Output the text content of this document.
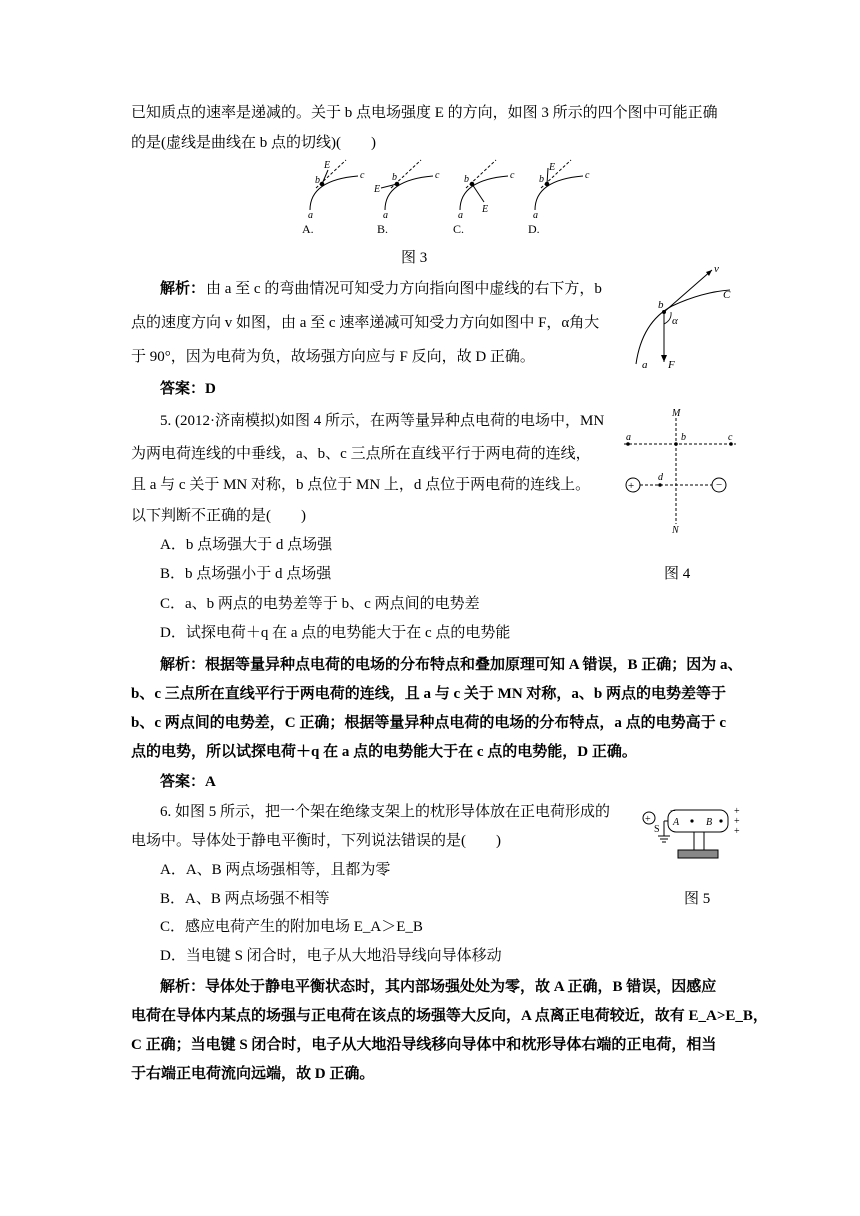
已知质点的速率是递减的。关于 b 点电场强度 E 的方向，如图 3 所示的四个图中可能正确
的是(虚线是曲线在 b 点的切线)(　　)
a
b	c
E
a
b	c
E
a
b	c
E
a
b	c
E
A.	B.	C.	D.
图 3
解析： 由 a 至 c 的弯曲情况可知受力方向指向图中虚线的右下方，b
点的速度方向 v 如图，由 a 至 c 速率递减可知受力方向如图中 F，α角大
于 90°，因为电荷为负，故场强方向应与 F 反向，故 D 正确。
答案：D
b
v
C
α
a F
5. (2012·济南模拟)如图 4 所示，在两等量异种点电荷的电场中，MN
为两电荷连线的中垂线，a、b、c 三点所在直线平行于两电荷的连线，
且 a 与 c 关于 MN 对称，b 点位于 MN 上，d 点位于两电荷的连线上。
以下判断不正确的是(　　)
A．b 点场强大于 d 点场强
B．b 点场强小于 d 点场强
C．a、b 两点的电势差等于 b、c 两点间的电势差
D．试探电荷＋q 在 a 点的电势能大于在 c 点的电势能
+	−
M
N
a	b	c
d
图 4
解析：根据等量异种点电荷的电场的分布特点和叠加原理可知 A 错误，B 正确；因为 a、
b、c 三点所在直线平行于两电荷的连线，且 a 与 c 关于 MN 对称，a、b 两点的电势差等于
b、c 两点间的电势差，C 正确；根据等量异种点电荷的电场的分布特点，a 点的电势高于 c
点的电势，所以试探电荷＋q 在 a 点的电势能大于在 c 点的电势能，D 正确。
答案：A
6. 如图 5 所示，把一个架在绝缘支架上的枕形导体放在正电荷形成的
电场中。导体处于静电平衡时，下列说法错误的是(　　)
A．A、B 两点场强相等，且都为零
B．A、B 两点场强不相等
C．感应电荷产生的附加电场 E_A＞E_B
D．当电键 S 闭合时，电子从大地沿导线向导体移动
+ A	B
S
+
+
+
−
图 5
解析：导体处于静电平衡状态时，其内部场强处处为零，故 A 正确，B 错误，因感应
电荷在导体内某点的场强与正电荷在该点的场强等大反向，A 点离正电荷较近，故有 E_A>E_B，
C 正确；当电键 S 闭合时，电子从大地沿导线移向导体中和枕形导体右端的正电荷，相当
于右端正电荷流向远端，故 D 正确。
